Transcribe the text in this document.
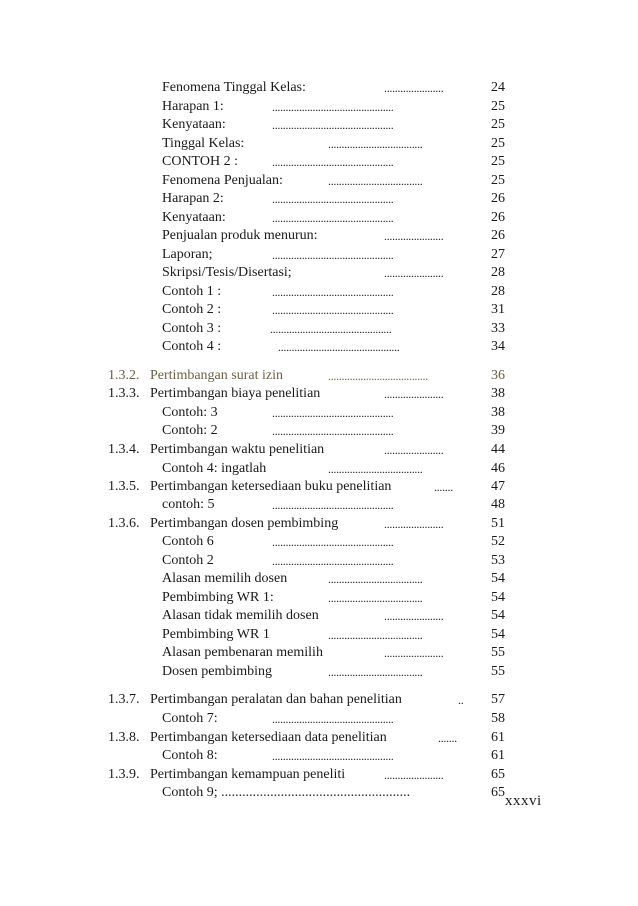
Fenomena Tinggal Kelas:	......................	24
Harapan 1:	.............................................	25
Kenyataan:	.............................................	25
Tinggal Kelas:	...................................	25
CONTOH 2 :	.............................................	25
Fenomena Penjualan:	...................................	25
Harapan 2:	.............................................	26
Kenyataan:	.............................................	26
Penjualan produk menurun:	......................	26
Laporan;	.............................................	27
Skripsi/Tesis/Disertasi;	......................	28
Contoh 1 :	.............................................	28
Contoh 2 :	.............................................	31
Contoh 3 :	.............................................	33
Contoh 4 :	.............................................	34
1.3.2. Pertimbangan surat izin	.....................................	36
1.3.3. Pertimbangan biaya penelitian	......................	38
Contoh: 3	.............................................	38
Contoh: 2	.............................................	39
1.3.4. Pertimbangan waktu penelitian	......................	44
Contoh 4: ingatlah	...................................	46
1.3.5. Pertimbangan ketersediaan buku penelitian	.......	47
contoh: 5	.............................................	48
1.3.6. Pertimbangan dosen pembimbing	......................	51
Contoh 6	.............................................	52
Contoh 2	.............................................	53
Alasan memilih dosen	...................................	54
Pembimbing WR 1:	...................................	54
Alasan tidak memilih dosen	......................	54
Pembimbing WR 1	...................................	54
Alasan pembenaran memilih	......................	55
Dosen pembimbing	...................................	55
1.3.7. Pertimbangan peralatan dan bahan penelitian	.. 57
Contoh 7:	.............................................	58
1.3.8. Pertimbangan ketersediaan data penelitian	....... 61
Contoh 8:	.............................................	61
1.3.9. Pertimbangan kemampuan peneliti	......................	65
Contoh 9; ......................................................	65
xxxvi
